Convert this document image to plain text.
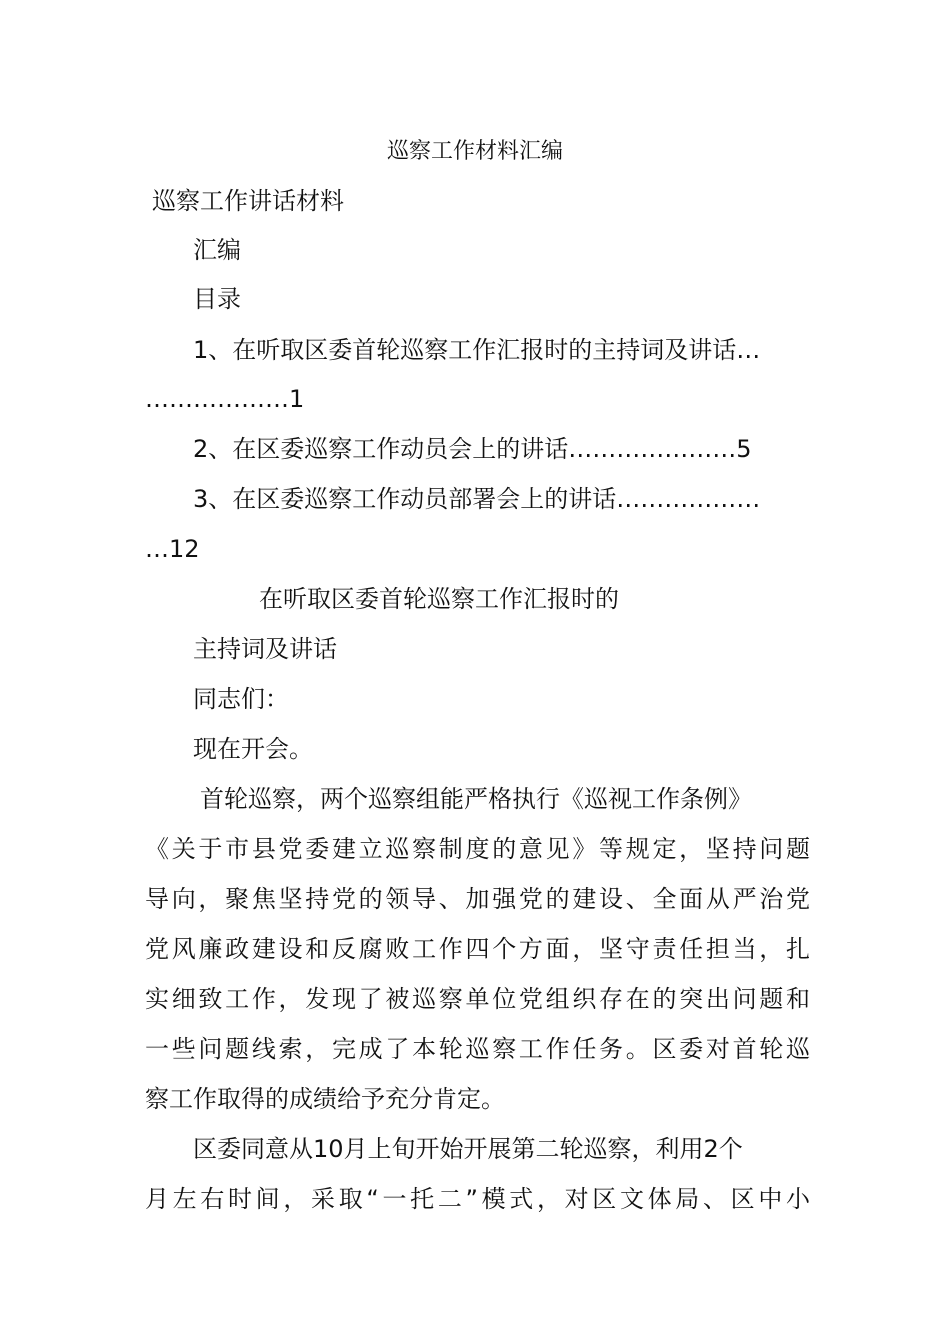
巡察工作材料汇编
巡察工作讲话材料
汇编
目录
1、在听取区委首轮巡察工作汇报时的主持词及讲话…
………………1
2、在区委巡察工作动员会上的讲话…………………5
3、在区委巡察工作动员部署会上的讲话………………
…12
在听取区委首轮巡察工作汇报时的
主持词及讲话
同志们：
现在开会。
首轮巡察，两个巡察组能严格执行《巡视工作条例》
《关于市县党委建立巡察制度的意见》等规定，坚持问题
导向，聚焦坚持党的领导、加强党的建设、全面从严治党
党风廉政建设和反腐败工作四个方面，坚守责任担当，扎
实细致工作，发现了被巡察单位党组织存在的突出问题和
一些问题线索，完成了本轮巡察工作任务。区委对首轮巡
察工作取得的成绩给予充分肯定。
区委同意从10月上旬开始开展第二轮巡察，利用2个
月左右时间，采取“一托二”模式，对区文体局、区中小
